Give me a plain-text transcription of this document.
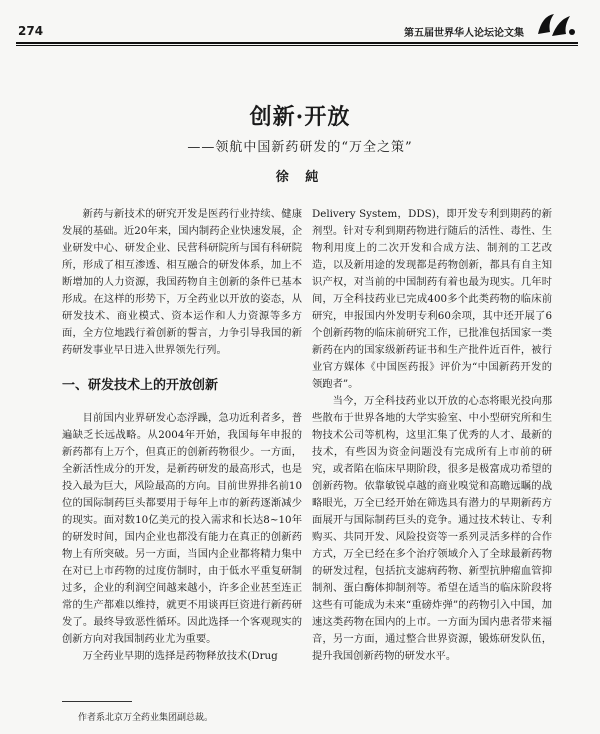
274	第五届世界华人论坛论文集
创新·开放
——领航中国新药研发的“万全之策”
徐 純

新药与新技术的研究开发是医药行业持续、健康发展的基础。近20年来，国内制药企业快速发展，企业研发中心、研发企业、民营科研院所与国有科研院所，形成了相互渗透、相互融合的研发体系，加上不断增加的人力资源，我国药物自主创新的条件已基本形成。在这样的形势下，万全药业以开放的姿态，从研发技术、商业模式、资本运作和人力资源等多方面，全方位地践行着创新的誓言，力争引导我国的新药研发事业早日进入世界领先行列。

一、研发技术上的开放创新

目前国内业界研发心态浮躁，急功近利者多，普遍缺乏长远战略。从2004年开始，我国每年申报的新药都有上万个，但真正的创新药物很少。一方面，全新活性成分的开发，是新药研发的最高形式，也是投入最为巨大，风险最高的方向。目前世界排名前10位的国际制药巨头都要用于每年上市的新药逐渐减少的现实。面对数10亿美元的投入需求和长达8~10年的研发时间，国内企业也都没有能力在真正的创新药物上有所突破。另一方面，当国内企业都将精力集中在对已上市药物的过度仿制时，由于低水平重复研制过多，企业的利润空间越来越小，许多企业甚至连正常的生产都难以维持，就更不用谈再巨资进行新药研发了。最终导致恶性循环。因此选择一个客观现实的创新方向对我国制药业尤为重要。

万全药业早期的选择是药物释放技术(Drug

Delivery System，DDS)，即开发专利到期药的新剂型。针对专利到期药物进行随后的活性、毒性、生物利用度上的二次开发和合成方法、制剂的工艺改造，以及新用途的发现都是药物创新，都具有自主知识产权，对当前的中国制药有着也最为现实。几年时间，万全科技药业已完成400多个此类药物的临床前研究，申报国内外发明专利60余项，其中还开展了6个创新药物的临床前研究工作，已批准包括国家一类新药在内的国家级新药证书和生产批件近百件，被行业官方媒体《中国医药报》评价为“中国新药开发的领跑者”。

当今，万全科技药业以开放的心态将眼光投向那些散布于世界各地的大学实验室、中小型研究所和生物技术公司等机构，这里汇集了优秀的人才、最新的技术，有些因为资金问题没有完成所有上市前的研究，或者陷在临床早期阶段，很多是极富成功希望的创新药物。依靠敏锐卓越的商业嗅觉和高瞻远瞩的战略眼光，万全已经开始在筛选具有潜力的早期新药方面展开与国际制药巨头的竞争。通过技术转让、专利购买、共同开发、风险投资等一系列灵活多样的合作方式，万全已经在多个治疗领域介入了全球最新药物的研发过程，包括抗支滤病药物、新型抗肿瘤血管抑制剂、蛋白酶体抑制剂等。希望在适当的临床阶段将这些有可能成为未来“重磅炸弹”的药物引入中国，加速这类药物在国内的上市。一方面为国内患者带来福音，另一方面，通过整合世界资源，锻炼研发队伍，提升我国创新药物的研发水平。

作者系北京万全药业集团副总裁。
